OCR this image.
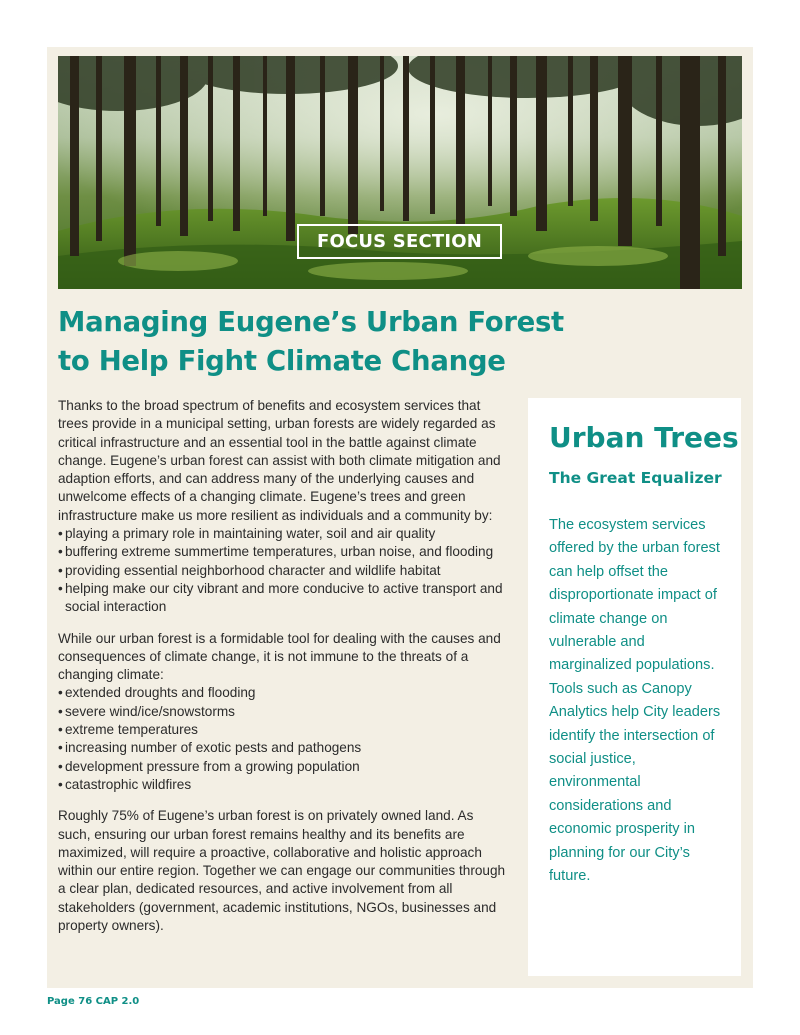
FOCUS SECTION
Managing Eugene’s Urban Forest
to Help Fight Climate Change

Thanks to the broad spectrum of benefits and ecosystem services that trees provide in a municipal setting, urban forests are widely regarded as critical infrastructure and an essential tool in the battle against climate change. Eugene’s urban forest can assist with both climate mitigation and adaption efforts, and can address many of the underlying causes and unwelcome effects of a changing climate. Eugene’s trees and green infrastructure make us more resilient as individuals and a community by:

• playing a primary role in maintaining water, soil and air quality
• buffering extreme summertime temperatures, urban noise, and flooding
• providing essential neighborhood character and wildlife habitat
• helping make our city vibrant and more conducive to active transport and social interaction

While our urban forest is a formidable tool for dealing with the causes and consequences of climate change, it is not immune to the threats of a changing climate:

• extended droughts and flooding
• severe wind/ice/snowstorms
• extreme temperatures
• increasing number of exotic pests and pathogens
• development pressure from a growing population
• catastrophic wildfires

Roughly 75% of Eugene’s urban forest is on privately owned land. As such, ensuring our urban forest remains healthy and its benefits are maximized, will require a proactive, collaborative and holistic approach within our entire region. Together we can engage our communities through a clear plan, dedicated resources, and active involvement from all stakeholders (government, academic institutions, NGOs, businesses and property owners).

Urban Trees
The Great Equalizer

The ecosystem services offered by the urban forest can help offset the disproportionate impact of climate change on vulnerable and marginalized populations. Tools such as Canopy Analytics help City leaders identify the intersection of social justice, environmental considerations and economic prosperity in planning for our City’s future.

Page 76 CAP 2.0
